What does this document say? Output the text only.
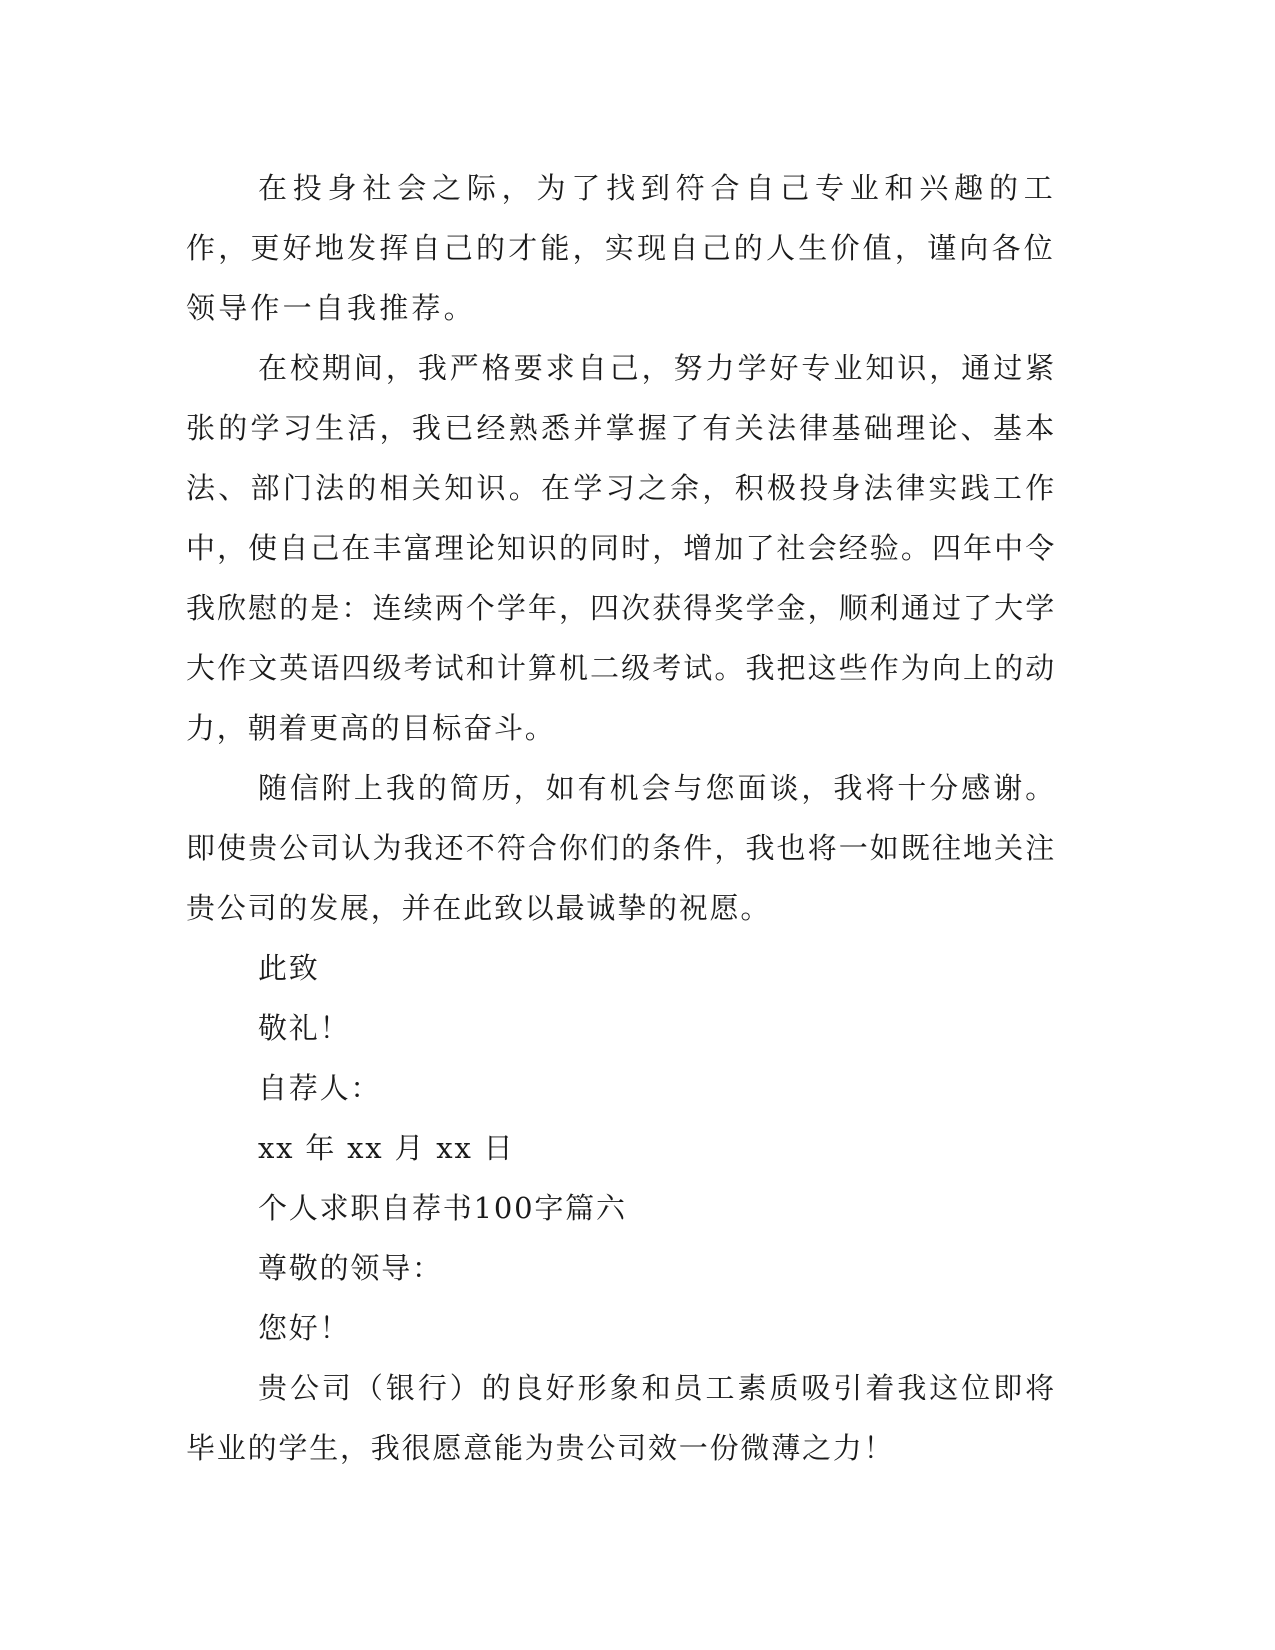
在投身社会之际，为了找到符合自己专业和兴趣的工作，更好地发挥自己的才能，实现自己的人生价值，谨向各位领导作一自我推荐。

在校期间，我严格要求自己，努力学好专业知识，通过紧张的学习生活，我已经熟悉并掌握了有关法律基础理论、基本法、部门法的相关知识。在学习之余，积极投身法律实践工作中，使自己在丰富理论知识的同时，增加了社会经验。四年中令我欣慰的是：连续两个学年，四次获得奖学金，顺利通过了大学大作文英语四级考试和计算机二级考试。我把这些作为向上的动力，朝着更高的目标奋斗。

随信附上我的简历，如有机会与您面谈，我将十分感谢。即使贵公司认为我还不符合你们的条件，我也将一如既往地关注贵公司的发展，并在此致以最诚挚的祝愿。

此致

敬礼！

自荐人：

xx 年 xx 月 xx 日

个人求职自荐书100字篇六

尊敬的领导：

您好！

贵公司（银行）的良好形象和员工素质吸引着我这位即将毕业的学生，我很愿意能为贵公司效一份微薄之力！
